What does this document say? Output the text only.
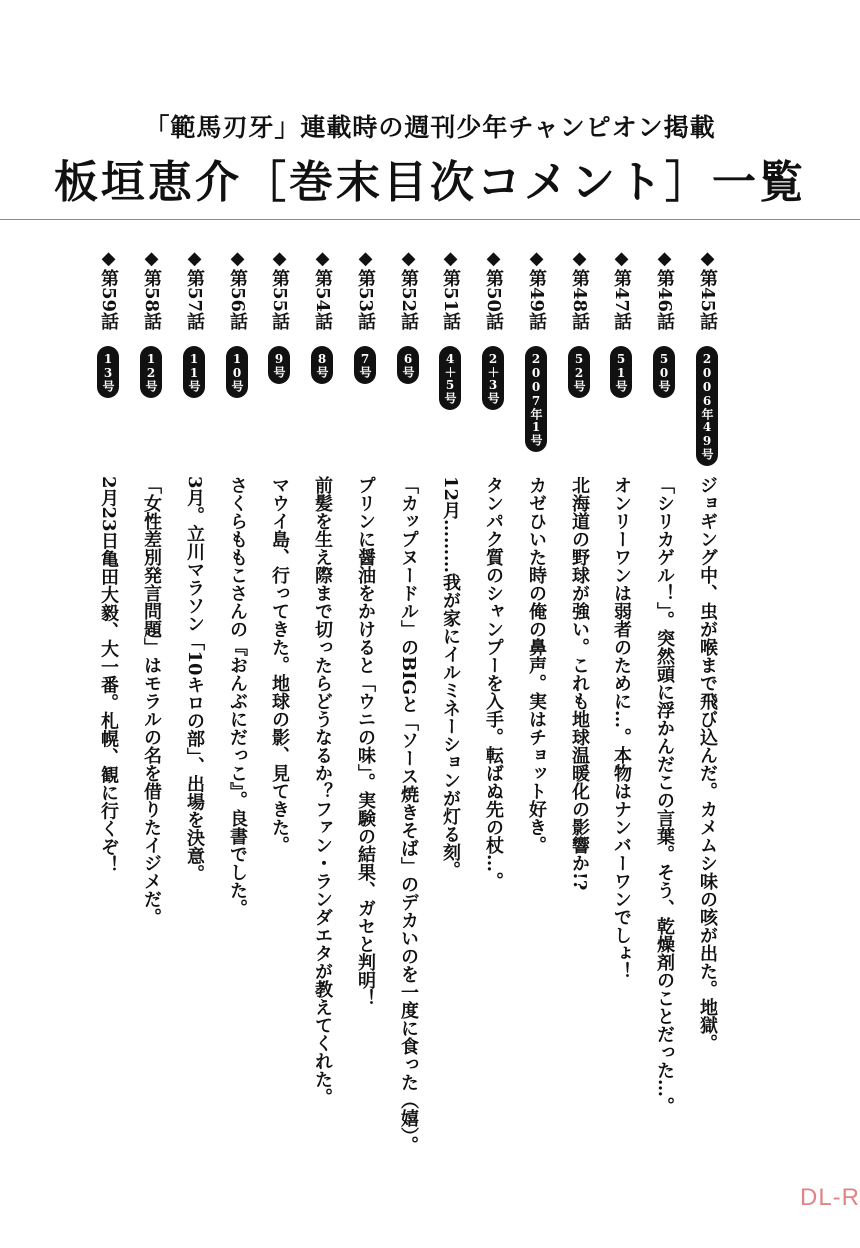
「範馬刃牙」連載時の週刊少年チャンピオン掲載
板垣恵介［巻末目次コメント］一覧
◆第45話
2006年49号
ジョギング中、虫が喉まで飛び込んだ。カメムシ味の咳が出た。地獄。
◆第46話
50号
「シリカゲル！」。突然頭に浮かんだこの言葉。そう、乾燥剤のことだった…。
◆第47話
51号
オンリーワンは弱者のために…。本物はナンバーワンでしょ！
◆第48話
52号
北海道の野球が強い。これも地球温暖化の影響か!?
◆第49話
2007年1号
カゼひいた時の俺の鼻声。実はチョット好き。
◆第50話
2＋3号
タンパク質のシャンプーを入手。転ばぬ先の杖…。
◆第51話
4＋5号
12月………我が家にイルミネーションが灯る刻。
◆第52話
6号
「カップヌードル」のBIGと「ソース焼きそば」のデカいのを一度に食った（嬉）。
◆第53話
7号
プリンに醤油をかけると「ウニの味」。実験の結果、ガセと判明！
◆第54話
8号
前髪を生え際まで切ったらどうなるか？ファン・ランダエタが教えてくれた。
◆第55話
9号
マウイ島、行ってきた。地球の影、見てきた。
◆第56話
10号
さくらももこさんの『おんぶにだっこ』。良書でした。
◆第57話
11号
3月。立川マラソン「10キロの部」、出場を決意。
◆第58話
12号
「女性差別発言問題」はモラルの名を借りたイジメだ。
◆第59話
13号
2月23日亀田大毅、大一番。札幌、観に行くぞ！
DL-R
